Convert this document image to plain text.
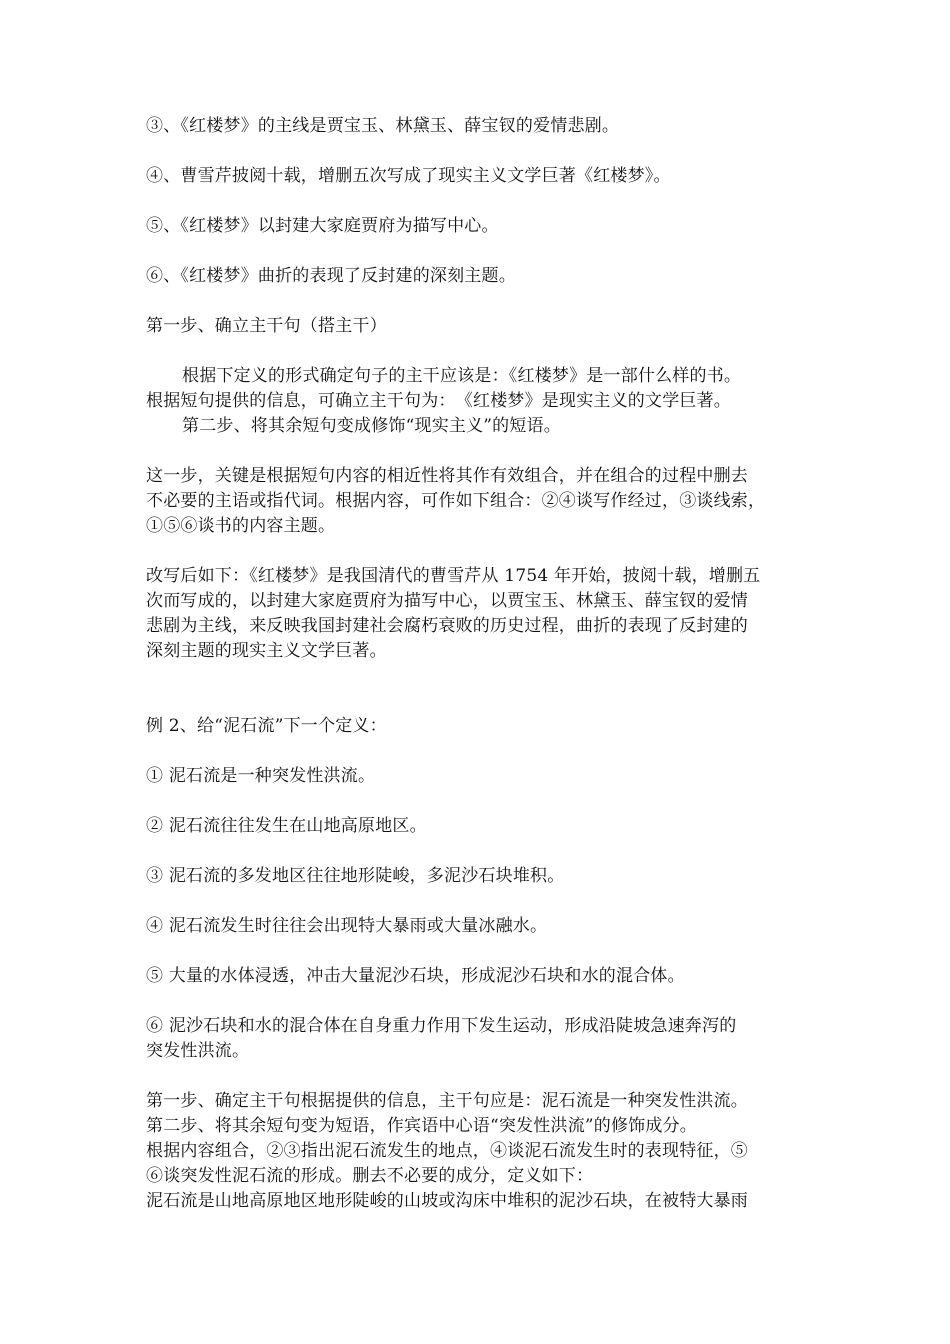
③、《红楼梦》的主线是贾宝玉、林黛玉、薛宝钗的爱情悲剧。

④、曹雪芹披阅十载，增删五次写成了现实主义文学巨著《红楼梦》。

⑤、《红楼梦》以封建大家庭贾府为描写中心。

⑥、《红楼梦》曲折的表现了反封建的深刻主题。

第一步、确立主干句（搭主干）

根据下定义的形式确定句子的主干应该是：《红楼梦》是一部什么样的书。

根据短句提供的信息，可确立主干句为：　《红楼梦》是现实主义的文学巨著。

第二步、将其余短句变成修饰“现实主义”的短语。

这一步，关键是根据短句内容的相近性将其作有效组合，并在组合的过程中删去

不必要的主语或指代词。根据内容，可作如下组合：②④谈写作经过，③谈线索，

①⑤⑥谈书的内容主题。

改写后如下：《红楼梦》是我国清代的曹雪芹从 1754 年开始，披阅十载，增删五

次而写成的，以封建大家庭贾府为描写中心，以贾宝玉、林黛玉、薛宝钗的爱情

悲剧为主线，来反映我国封建社会腐朽衰败的历史过程，曲折的表现了反封建的

深刻主题的现实主义文学巨著。

例 2、给“泥石流”下一个定义：

① 泥石流是一种突发性洪流。

② 泥石流往往发生在山地高原地区。

③ 泥石流的多发地区往往地形陡峻，多泥沙石块堆积。

④ 泥石流发生时往往会出现特大暴雨或大量冰融水。

⑤ 大量的水体浸透，冲击大量泥沙石块，形成泥沙石块和水的混合体。

⑥ 泥沙石块和水的混合体在自身重力作用下发生运动，形成沿陡坡急速奔泻的

突发性洪流。

第一步、确定主干句根据提供的信息，主干句应是：泥石流是一种突发性洪流。

第二步、将其余短句变为短语，作宾语中心语“突发性洪流”的修饰成分。

根据内容组合，②③指出泥石流发生的地点，④谈泥石流发生时的表现特征，⑤

⑥谈突发性泥石流的形成。删去不必要的成分，定义如下：

泥石流是山地高原地区地形陡峻的山坡或沟床中堆积的泥沙石块，在被特大暴雨
